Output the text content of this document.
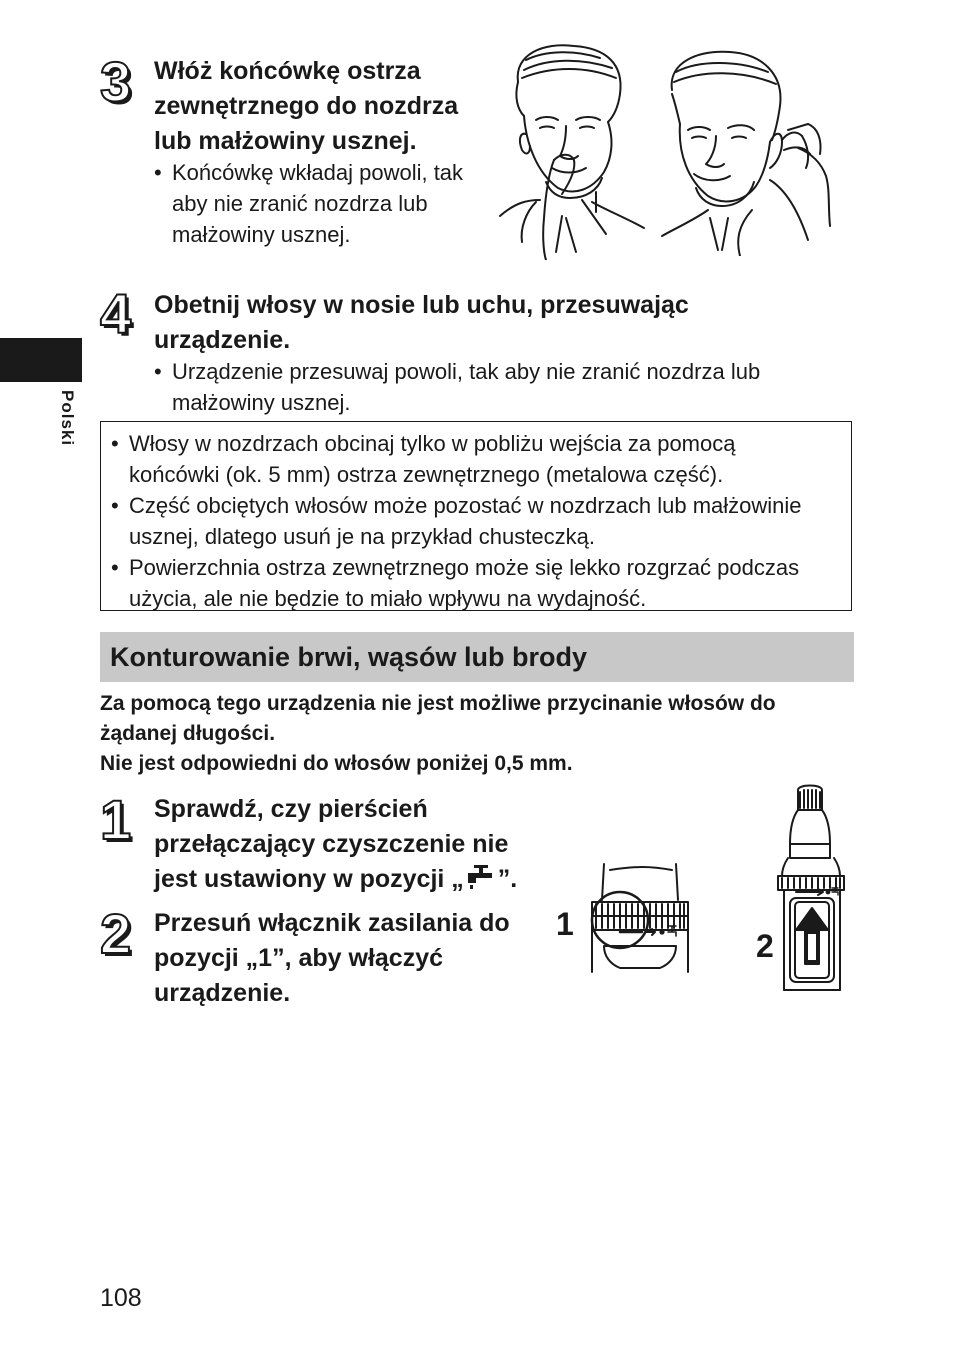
Polski
3 Włóż końcówkę ostrza
zewnętrznego do nozdrza
lub małżowiny usznej.
• Końcówkę wkładaj powoli, tak
aby nie zranić nozdrza lub
małżowiny usznej.
4 Obetnij włosy w nosie lub uchu, przesuwając
urządzenie.
• Urządzenie przesuwaj powoli, tak aby nie zranić nozdrza lub
małżowiny usznej.
• Włosy w nozdrzach obcinaj tylko w pobliżu wejścia za pomocą
końcówki (ok. 5 mm) ostrza zewnętrznego (metalowa część).
• Część obciętych włosów może pozostać w nozdrzach lub małżowinie
usznej, dlatego usuń je na przykład chusteczką.
• Powierzchnia ostrza zewnętrznego może się lekko rozgrzać podczas
użycia, ale nie będzie to miało wpływu na wydajność.
Konturowanie brwi, wąsów lub brody
Za pomocą tego urządzenia nie jest możliwe przycinanie włosów do
żądanej długości.
Nie jest odpowiedni do włosów poniżej 0,5 mm.
1 Sprawdź, czy pierścień
przełączający czyszczenie nie
jest ustawiony w pozycji „ ”.
2 Przesuń włącznik zasilania do
pozycji „1”, aby włączyć
urządzenie.
1
2
108
